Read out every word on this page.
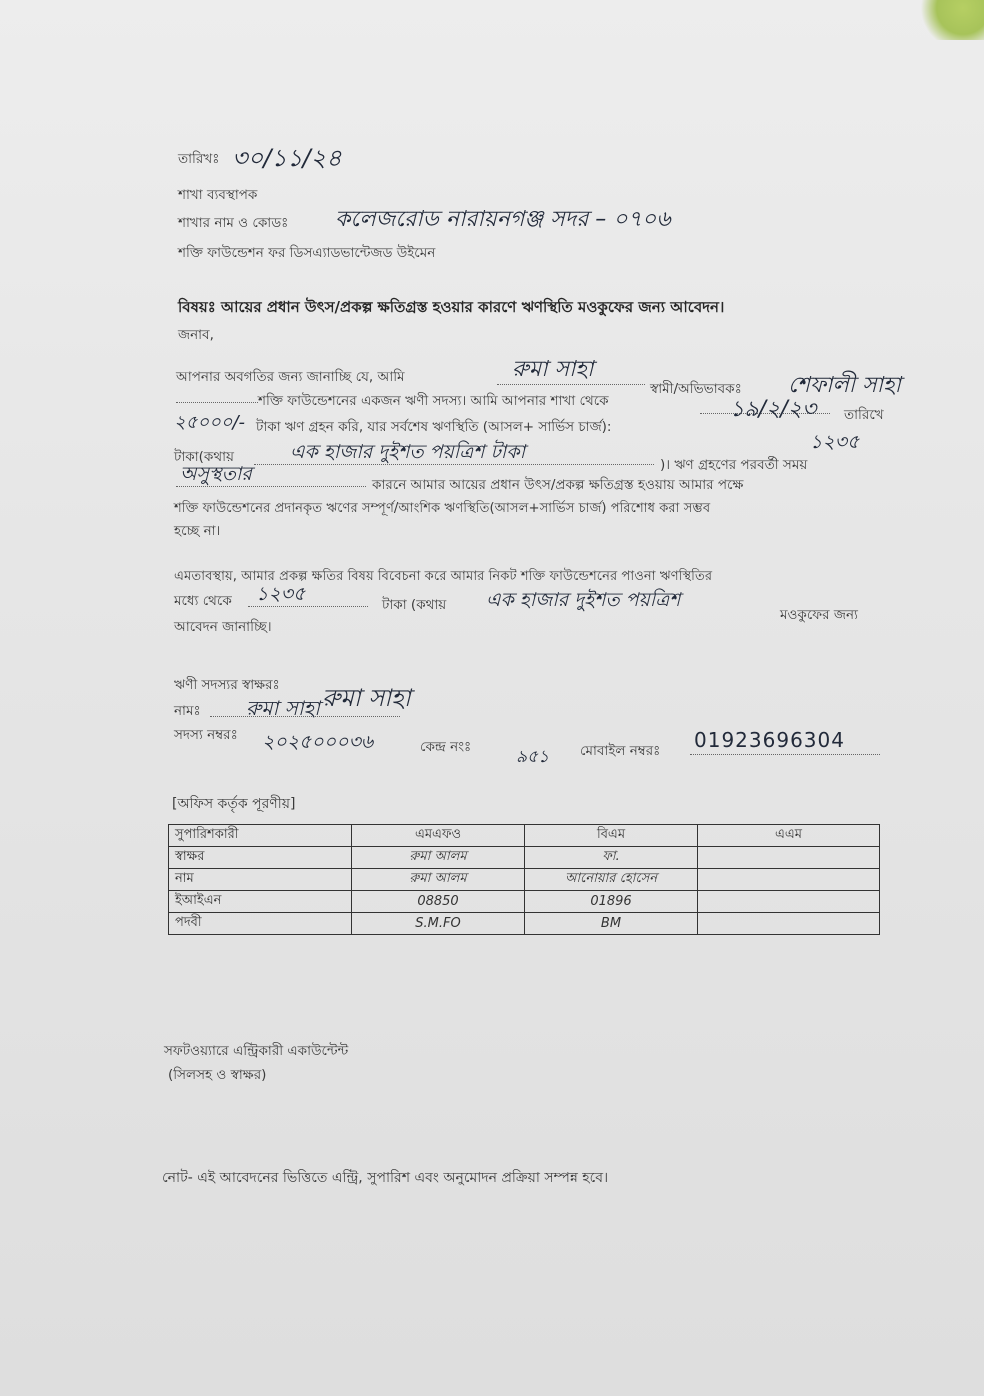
তারিখঃ ৩০/১১/২৪
শাখা ব্যবস্থাপক
শাখার নাম ও কোডঃ কলেজরোড নারায়নগঞ্জ সদর – ০৭০৬
শক্তি ফাউন্ডেশন ফর ডিসএ্যাডভান্টেজড উইমেন
বিষয়ঃ আয়ের প্রধান উৎস/প্রকল্প ক্ষতিগ্রস্ত হওয়ার কারণে ঋণস্থিতি মওকুফের জন্য আবেদন।
জনাব,
আপনার অবগতির জন্য জানাচ্ছি যে, আমি	রুমা সাহা
স্বামী/অভিভাবকঃ শেফালী সাহা
শক্তি ফাউন্ডেশনের একজন ঋণী সদস্য। আমি আপনার শাখা থেকে	১৯/২/২৩ তারিখে
২৫০০০/- টাকা ঋণ গ্রহন করি, যার সর্বশেষ ঋণস্থিতি (আসল+ সার্ভিস চার্জ):
১২৩৫
টাকা(কথায়	এক হাজার দুইশত পয়ত্রিশ টাকা
)। ঋণ গ্রহণের পরবর্তী সময়
অসুস্থতার	কারনে আমার আয়ের প্রধান উৎস/প্রকল্প ক্ষতিগ্রস্ত হওয়ায় আমার পক্ষে
শক্তি ফাউন্ডেশনের প্রদানকৃত ঋণের সম্পূর্ণ/আংশিক ঋণস্থিতি(আসল+সার্ভিস চার্জ) পরিশোধ করা সম্ভব
হচ্ছে না।
এমতাবস্থায়, আমার প্রকল্প ক্ষতির বিষয় বিবেচনা করে আমার নিকট শক্তি ফাউন্ডেশনের পাওনা ঋণস্থিতির
মধ্যে থেকে ১২৩৫	টাকা (কথায় এক হাজার দুইশত পয়ত্রিশ
মওকুফের জন্য
আবেদন জানাচ্ছি।
ঋণী সদস্যর স্বাক্ষরঃ রুমা সাহা
নামঃ রুমা সাহা
সদস্য নম্বরঃ ২০২৫০০০৩৬	কেন্দ্র নংঃ	৯৫১ মোবাইল নম্বরঃ 01923696304
[অফিস কর্তৃক পূরণীয়]
সুপারিশকারী	এমএফও	বিএম	এএম
স্বাক্ষর	রুমা আলম	ফা.	
নাম	রুমা আলম	আনোয়ার হোসেন	
ইআইএন	08850	01896	
পদবী	S.M.FO	BM	
সফটওয়্যারে এন্ট্রিকারী একাউন্টেন্ট
(সিলসহ ও স্বাক্ষর)
নোট- এই আবেদনের ভিত্তিতে এন্ট্রি, সুপারিশ এবং অনুমোদন প্রক্রিয়া সম্পন্ন হবে।
